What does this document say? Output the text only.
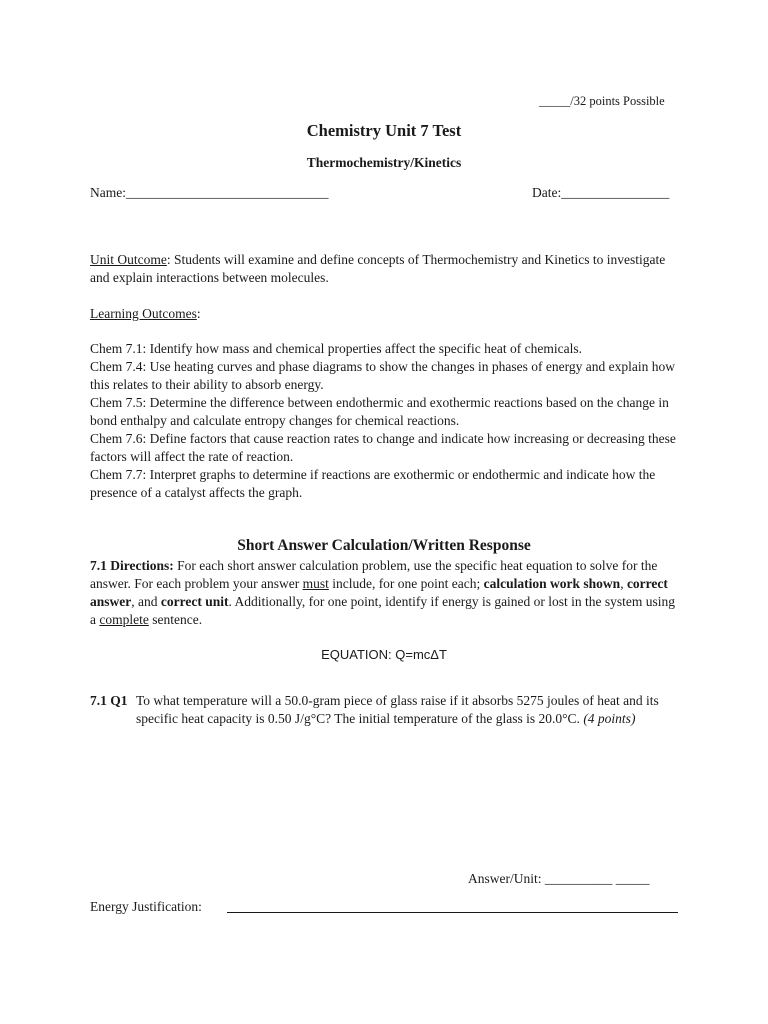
_____/32 points Possible
Chemistry Unit 7 Test
Thermochemistry/Kinetics
Name:______________________________	Date:________________
Unit Outcome: Students will examine and define concepts of Thermochemistry and Kinetics to investigate and explain interactions between molecules.
Learning Outcomes:
Chem 7.1: Identify how mass and chemical properties affect the specific heat of chemicals.
Chem 7.4: Use heating curves and phase diagrams to show the changes in phases of energy and explain how this relates to their ability to absorb energy.
Chem 7.5: Determine the difference between endothermic and exothermic reactions based on the change in bond enthalpy and calculate entropy changes for chemical reactions.
Chem 7.6: Define factors that cause reaction rates to change and indicate how increasing or decreasing these factors will affect the rate of reaction.
Chem 7.7: Interpret graphs to determine if reactions are exothermic or endothermic and indicate how the presence of a catalyst affects the graph.
Short Answer Calculation/Written Response
7.1 Directions: For each short answer calculation problem, use the specific heat equation to solve for the answer. For each problem your answer must include, for one point each; calculation work shown, correct answer, and correct unit. Additionally, for one point, identify if energy is gained or lost in the system using a complete sentence.
EQUATION: Q=mcΔT
7.1 Q1 To what temperature will a 50.0-gram piece of glass raise if it absorbs 5275 joules of heat and its specific heat capacity is 0.50 J/g°C? The initial temperature of the glass is 20.0°C. (4 points)
Answer/Unit: __________ _____
Energy Justification:
